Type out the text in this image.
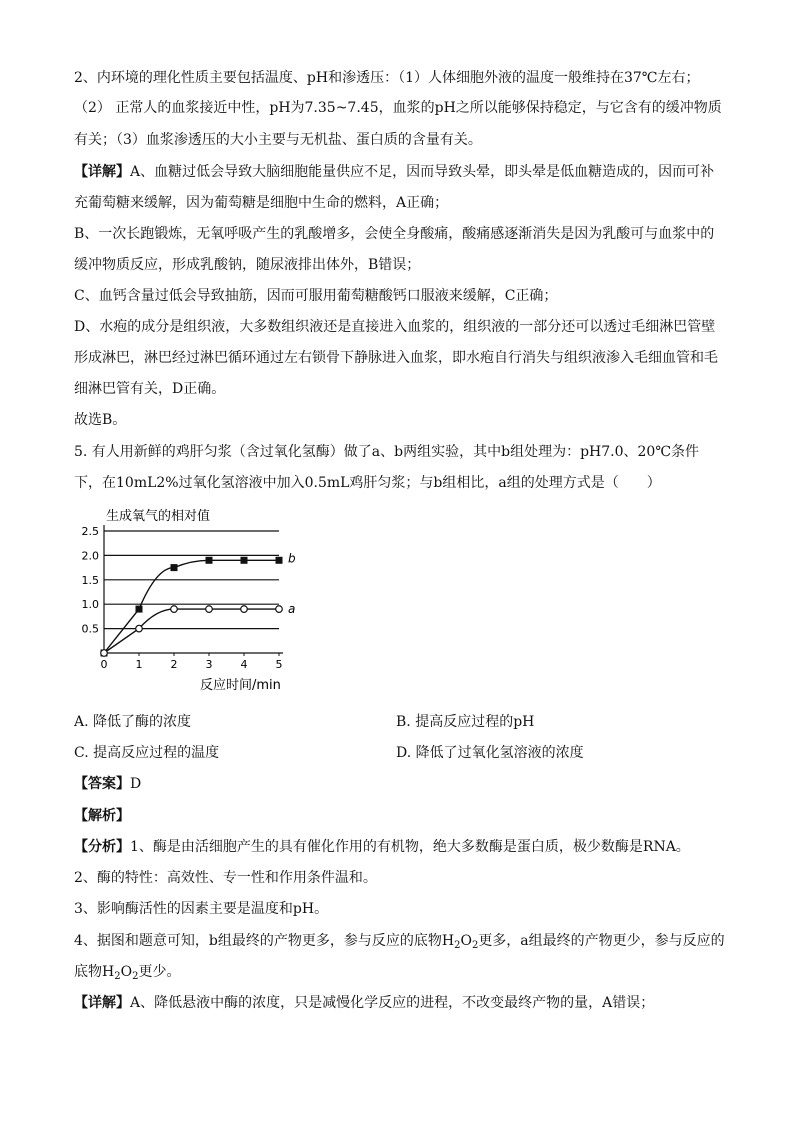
2、内环境的理化性质主要包括温度、pH和渗透压：（1）人体细胞外液的温度一般维持在37℃左右；
（2） 正常人的血浆接近中性，pH为7.35~7.45，血浆的pH之所以能够保持稳定，与它含有的缓冲物质
有关；（3）血浆渗透压的大小主要与无机盐、蛋白质的含量有关。
【详解】A、血糖过低会导致大脑细胞能量供应不足，因而导致头晕，即头晕是低血糖造成的，因而可补
充葡萄糖来缓解，因为葡萄糖是细胞中生命的燃料，A正确；
B、一次长跑锻炼，无氧呼吸产生的乳酸增多，会使全身酸痛，酸痛感逐渐消失是因为乳酸可与血浆中的
缓冲物质反应，形成乳酸钠，随尿液排出体外，B错误；
C、血钙含量过低会导致抽筋，因而可服用葡萄糖酸钙口服液来缓解，C正确；
D、水疱的成分是组织液，大多数组织液还是直接进入血浆的，组织液的一部分还可以透过毛细淋巴管壁
形成淋巴，淋巴经过淋巴循环通过左右锁骨下静脉进入血浆，即水疱自行消失与组织液渗入毛细血管和毛
细淋巴管有关，D正确。
故选B。
5. 有人用新鲜的鸡肝匀浆（含过氧化氢酶）做了a、b两组实验，其中b组处理为：pH7.0、20℃条件
下，在10mL2%过氧化氢溶液中加入0.5mL鸡肝匀浆；与b组相比，a组的处理方式是（　　）
生成氧气的相对值
0.5
1.0
1.5
2.0
2.5
0	1	2	3	4	5
b
a
反应时间/min
A. 降低了酶的浓度	B. 提高反应过程的pH
C. 提高反应过程的温度	D. 降低了过氧化氢溶液的浓度
【答案】D
【解析】
【分析】1、酶是由活细胞产生的具有催化作用的有机物，绝大多数酶是蛋白质，极少数酶是RNA。
2、酶的特性：高效性、专一性和作用条件温和。
3、影响酶活性的因素主要是温度和pH。
4、据图和题意可知，b组最终的产物更多，参与反应的底物$H_2O_2$更多，a组最终的产物更少，参与反应的
底物$H_2O_2$更少。
【详解】A、降低悬液中酶的浓度，只是减慢化学反应的进程，不改变最终产物的量，A错误；
